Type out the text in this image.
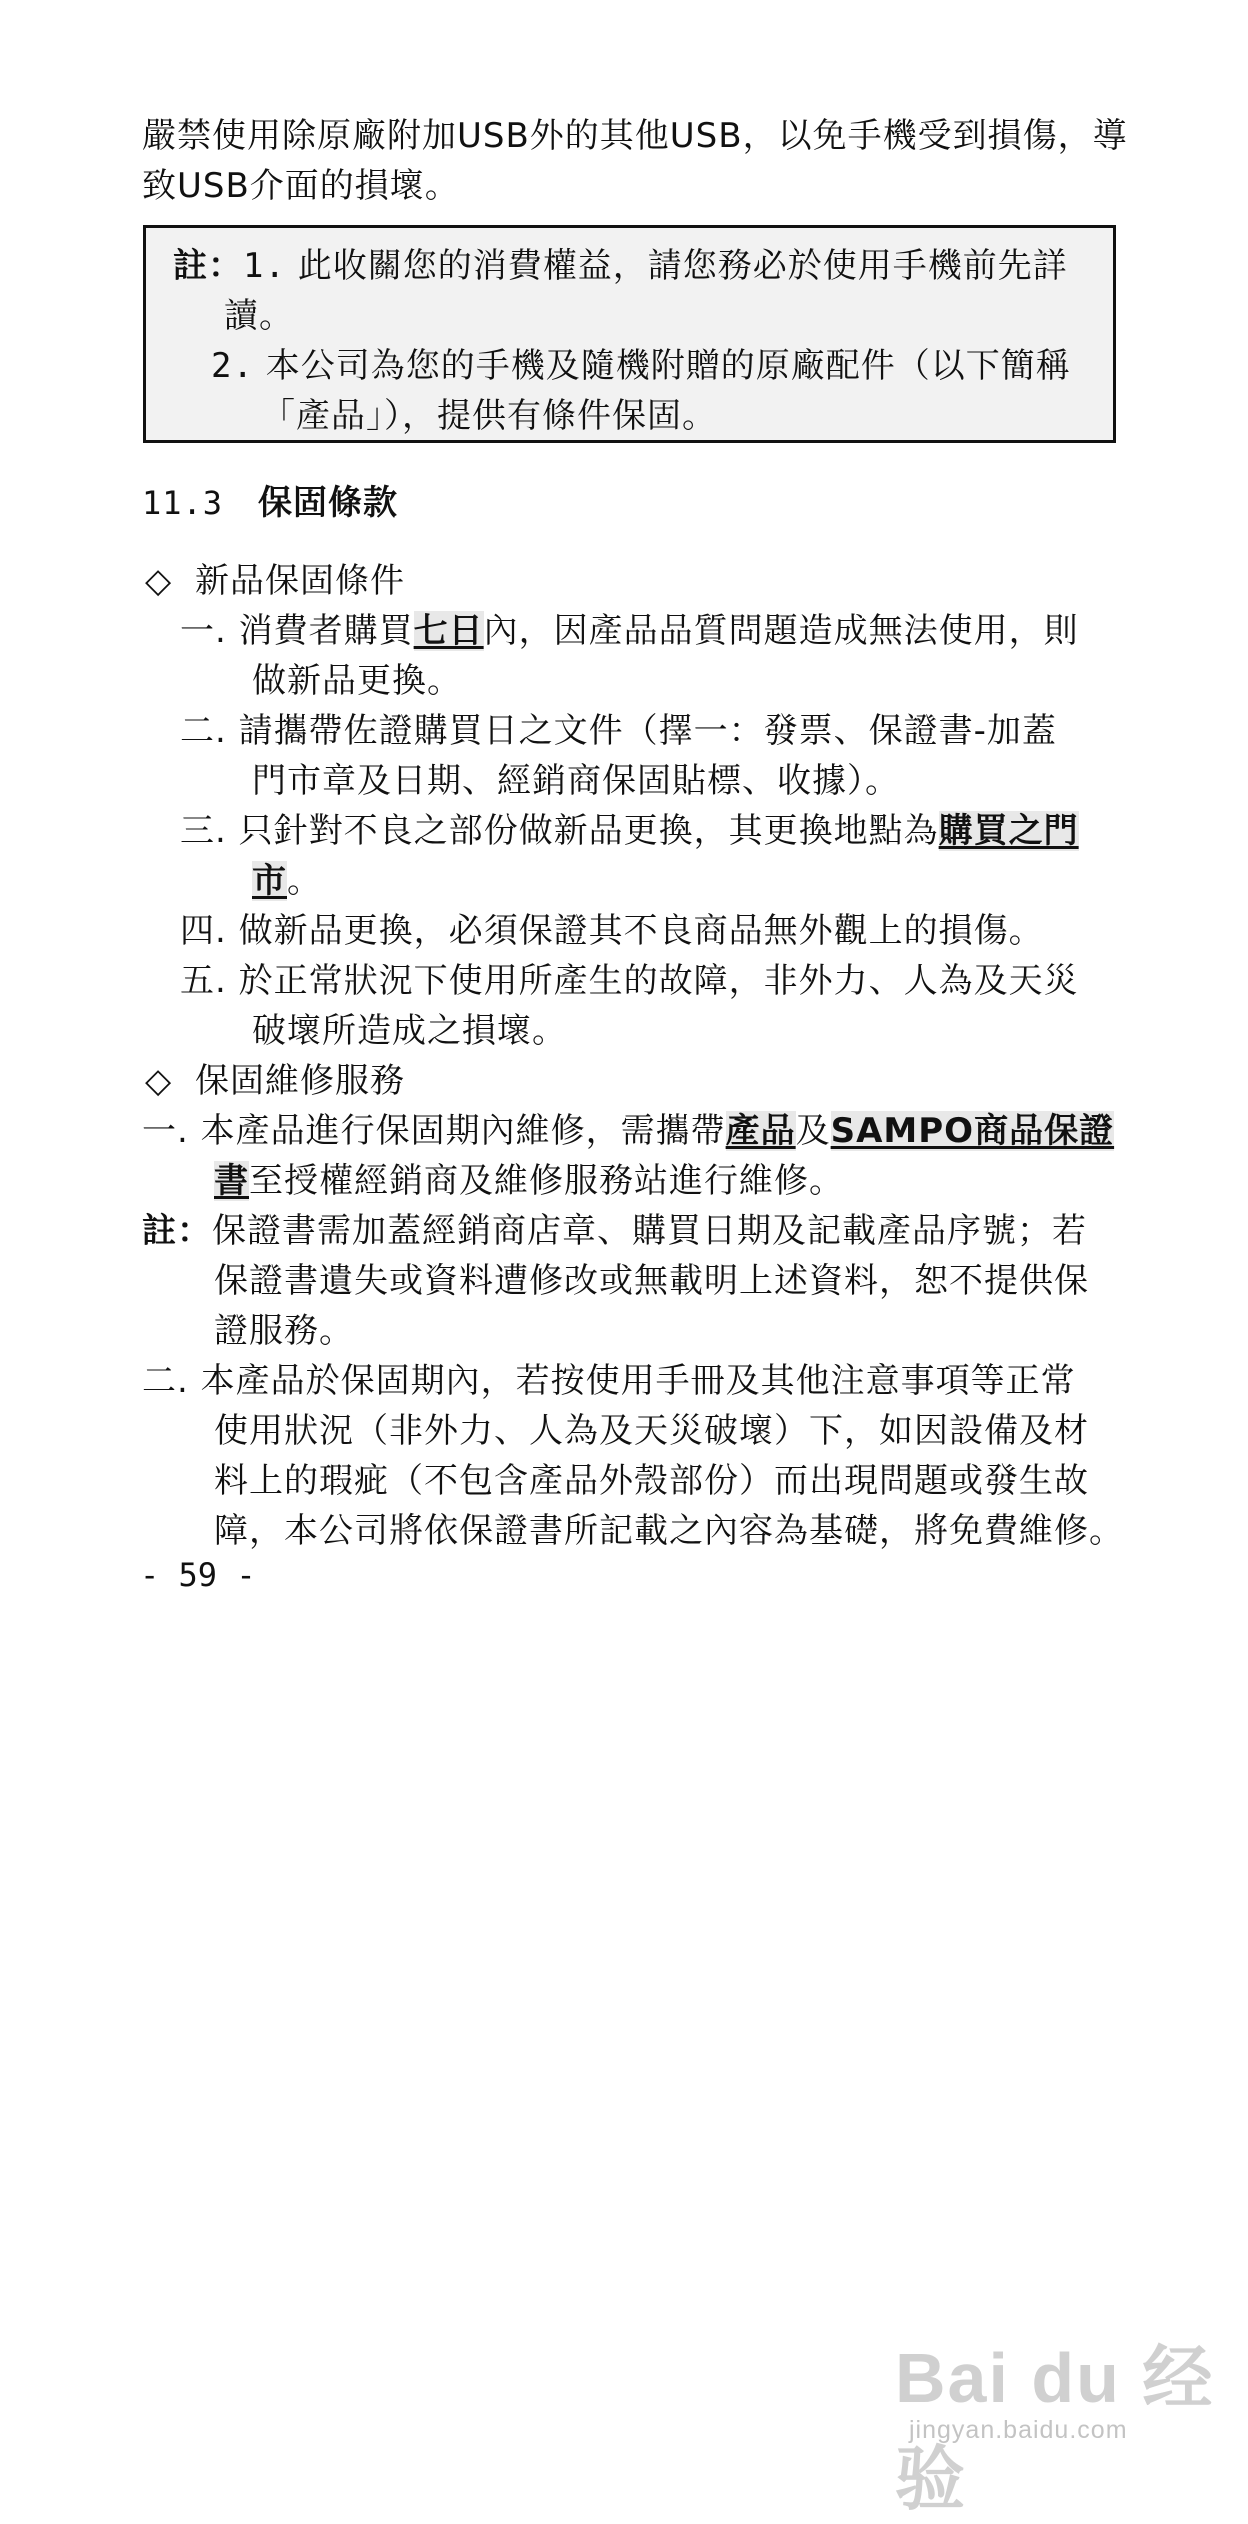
嚴禁使用除原廠附加USB外的其他USB，以免手機受到損傷，導
致USB介面的損壞。
註：1. 此收關您的消費權益，請您務必於使用手機前先詳
讀。
2. 本公司為您的手機及隨機附贈的原廠配件（以下簡稱
「產品」），提供有條件保固。
11.3 保固條款
◇ 新品保固條件
一. 消費者購買七日內，因產品品質問題造成無法使用，則
做新品更換。
二. 請攜帶佐證購買日之文件（擇一：發票、保證書-加蓋
門市章及日期、經銷商保固貼標、收據）。
三. 只針對不良之部份做新品更換，其更換地點為購買之門
市。
四. 做新品更換，必須保證其不良商品無外觀上的損傷。
五. 於正常狀況下使用所產生的故障，非外力、人為及天災
破壞所造成之損壞。
◇ 保固維修服務
一. 本產品進行保固期內維修，需攜帶產品及SAMPO商品保證
書至授權經銷商及維修服務站進行維修。
註：保證書需加蓋經銷商店章、購買日期及記載產品序號；若
保證書遺失或資料遭修改或無載明上述資料，恕不提供保
證服務。
二. 本產品於保固期內，若按使用手冊及其他注意事項等正常
使用狀況（非外力、人為及天災破壞）下，如因設備及材
料上的瑕疵（不包含產品外殼部份）而出現問題或發生故
障，本公司將依保證書所記載之內容為基礎，將免費維修。
- 59 -
Bai du 经验
jingyan.baidu.com
